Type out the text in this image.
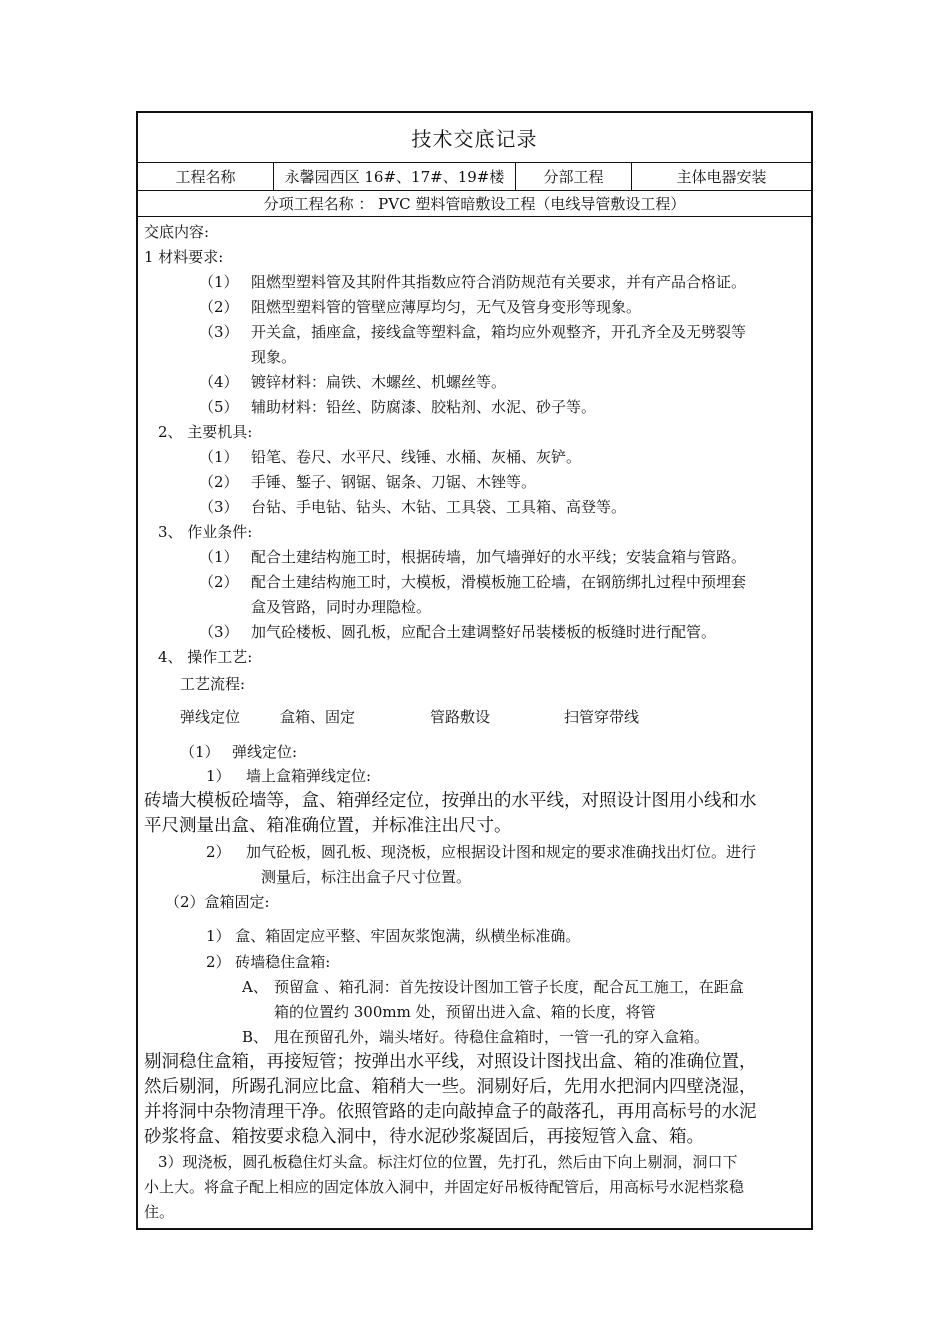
技术交底记录
工程名称	永馨园西区 16#、17#、19#楼	分部工程	主体电器安装
分项工程名称 ： PVC 塑料管暗敷设工程（电线导管敷设工程）
交底内容:
1 材料要求:
（1） 阻燃型塑料管及其附件其指数应符合消防规范有关要求，并有产品合格证。
（2） 阻燃型塑料管的管壁应薄厚均匀，无气及管身变形等现象。
（3） 开关盒，插座盒，接线盒等塑料盒，箱均应外观整齐，开孔齐全及无劈裂等
现象。
（4） 镀锌材料：扁铁、木螺丝、机螺丝等。
（5） 辅助材料：铅丝、防腐漆、胶粘剂、水泥、砂子等。
2、 主要机具:
（1） 铅笔、卷尺、水平尺、线锤、水桶、灰桶、灰铲。
（2） 手锤、錾子、钢锯、锯条、刀锯、木锉等。
（3） 台钻、手电钻、钻头、木钻、工具袋、工具箱、高登等。
3、 作业条件:
（1） 配合土建结构施工时，根据砖墙，加气墙弹好的水平线；安装盒箱与管路。
（2） 配合土建结构施工时，大模板，滑模板施工砼墙，在钢筋绑扎过程中预埋套
盒及管路，同时办理隐检。
（3） 加气砼楼板、圆孔板，应配合土建调整好吊装楼板的板缝时进行配管。
4、 操作工艺:
工艺流程:
弹线定位	盒箱、固定	管路敷设	扫管穿带线
（1） 弹线定位:
1） 墙上盒箱弹线定位:
砖墙大模板砼墙等，盒、箱弹经定位，按弹出的水平线，对照设计图用小线和水
平尺测量出盒、箱准确位置，并标准注出尺寸。
2） 加气砼板，圆孔板、现浇板，应根据设计图和规定的要求准确找出灯位。进行
测量后，标注出盒子尺寸位置。
（2）盒箱固定:
1） 盒、箱固定应平整、牢固灰浆饱满，纵横坐标准确。
2） 砖墙稳住盒箱:
A、 预留盒 、箱孔洞：首先按设计图加工管子长度，配合瓦工施工，在距盒
箱的位置约 300mm 处，预留出进入盒、箱的长度，将管
B、 甩在预留孔外，端头堵好。待稳住盒箱时，一管一孔的穿入盒箱。
剔洞稳住盒箱，再接短管；按弹出水平线，对照设计图找出盒、箱的准确位置，
然后剔洞，所踢孔洞应比盒、箱稍大一些。洞剔好后，先用水把洞内四壁浇湿，
并将洞中杂物清理干净。依照管路的走向敲掉盒子的敲落孔，再用高标号的水泥
砂浆将盒、箱按要求稳入洞中，待水泥砂浆凝固后，再接短管入盒、箱。
3）现浇板，圆孔板稳住灯头盒。标注灯位的位置，先打孔，然后由下向上剔洞，洞口下
小上大。将盒子配上相应的固定体放入洞中，并固定好吊板待配管后，用高标号水泥档浆稳
住。
